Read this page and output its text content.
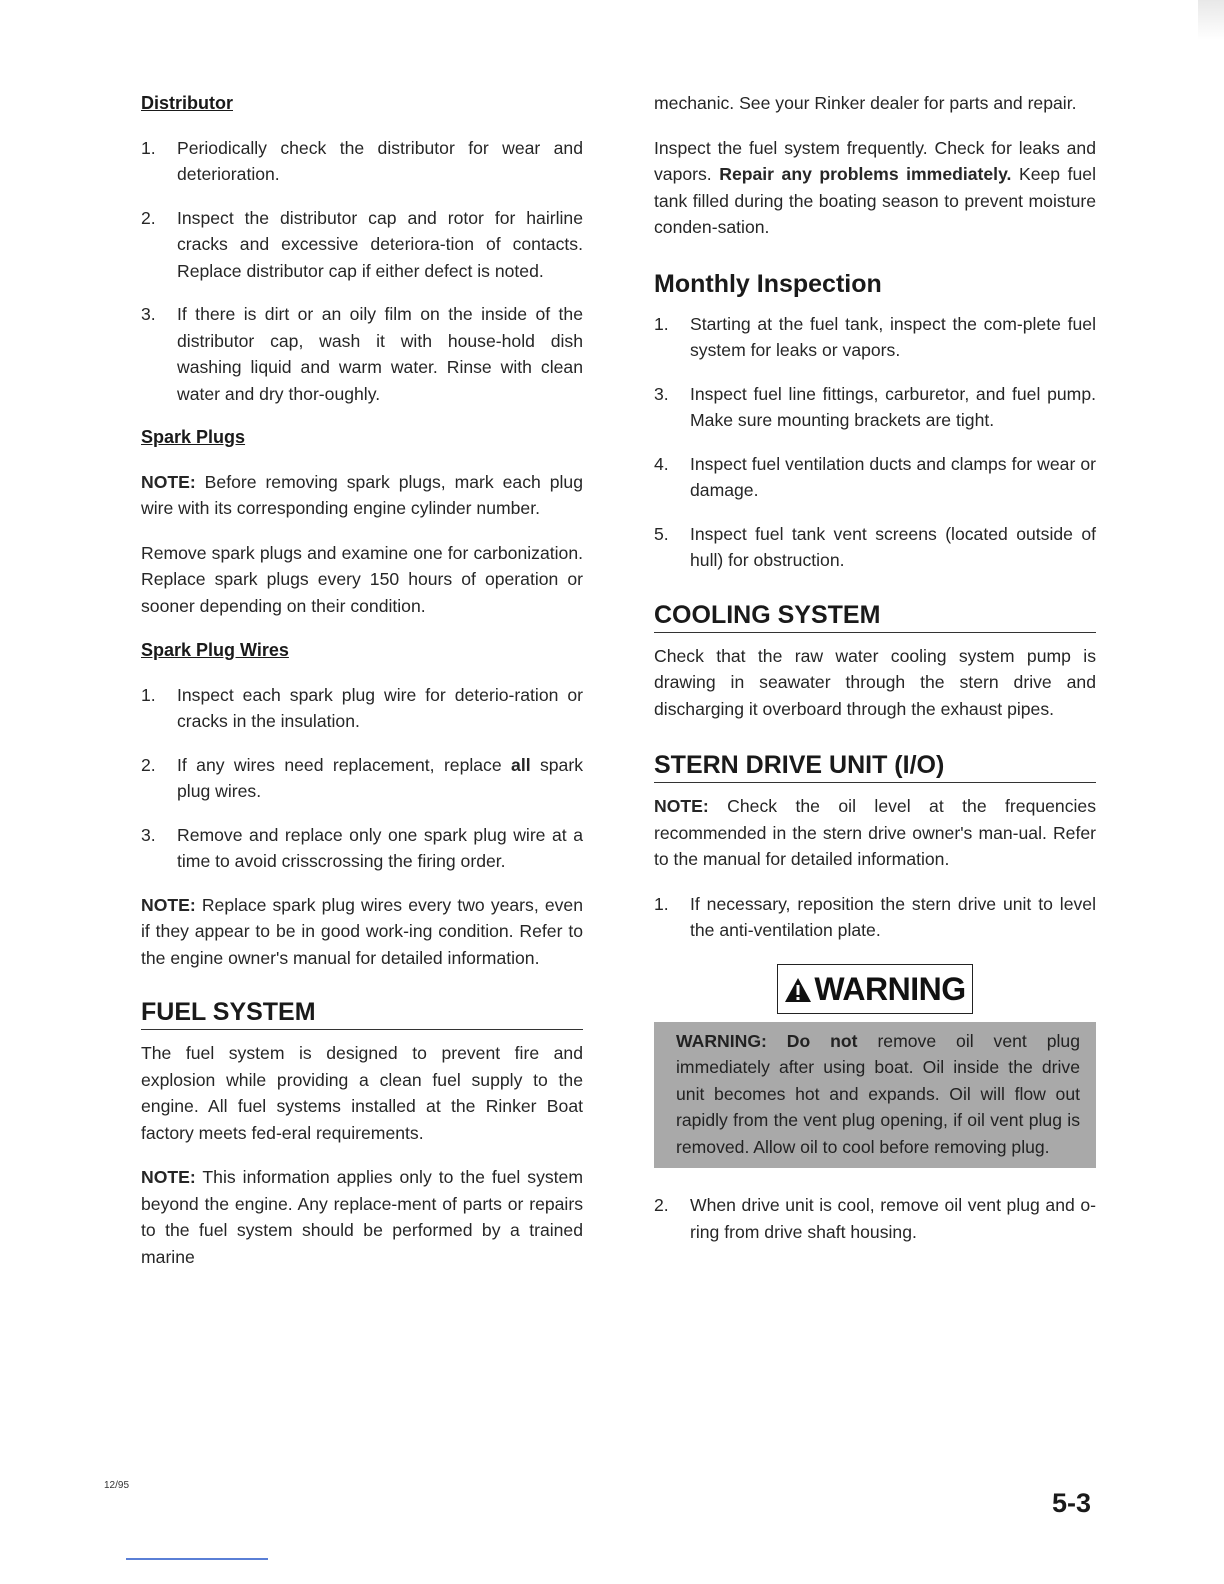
Distributor
1. Periodically check the distributor for wear and deterioration.
2. Inspect the distributor cap and rotor for hairline cracks and excessive deteriora-tion of contacts. Replace distributor cap if either defect is noted.
3. If there is dirt or an oily film on the inside of the distributor cap, wash it with house-hold dish washing liquid and warm water. Rinse with clean water and dry thor-oughly.
Spark Plugs

NOTE: Before removing spark plugs, mark each plug wire with its corresponding engine cylinder number.

Remove spark plugs and examine one for carbonization. Replace spark plugs every 150 hours of operation or sooner depending on their condition.

Spark Plug Wires
1. Inspect each spark plug wire for deterio-ration or cracks in the insulation.
2. If any wires need replacement, replace all spark plug wires.
3. Remove and replace only one spark plug wire at a time to avoid crisscrossing the firing order.

NOTE: Replace spark plug wires every two years, even if they appear to be in good work-ing condition. Refer to the engine owner's manual for detailed information.

FUEL SYSTEM

The fuel system is designed to prevent fire and explosion while providing a clean fuel supply to the engine. All fuel systems installed at the Rinker Boat factory meets fed-eral requirements.

NOTE: This information applies only to the fuel system beyond the engine. Any replace-ment of parts or repairs to the fuel system should be performed by a trained marine

mechanic. See your Rinker dealer for parts and repair.

Inspect the fuel system frequently. Check for leaks and vapors. Repair any problems immediately. Keep fuel tank filled during the boating season to prevent moisture conden-sation.

Monthly Inspection
1. Starting at the fuel tank, inspect the com-plete fuel system for leaks or vapors.
3. Inspect fuel line fittings, carburetor, and fuel pump. Make sure mounting brackets are tight.
4. Inspect fuel ventilation ducts and clamps for wear or damage.
5. Inspect fuel tank vent screens (located outside of hull) for obstruction.
COOLING SYSTEM

Check that the raw water cooling system pump is drawing in seawater through the stern drive and discharging it overboard through the exhaust pipes.

STERN DRIVE UNIT (I/O)

NOTE: Check the oil level at the frequencies recommended in the stern drive owner's man-ual. Refer to the manual for detailed information.

1. If necessary, reposition the stern drive unit to level the anti-ventilation plate.
WARNING
WARNING: Do not remove oil vent plug immediately after using boat. Oil inside the drive unit becomes hot and expands. Oil will flow out rapidly from the vent plug opening, if oil vent plug is removed. Allow oil to cool before removing plug.
2. When drive unit is cool, remove oil vent plug and o-ring from drive shaft housing.
12/95
5-3
